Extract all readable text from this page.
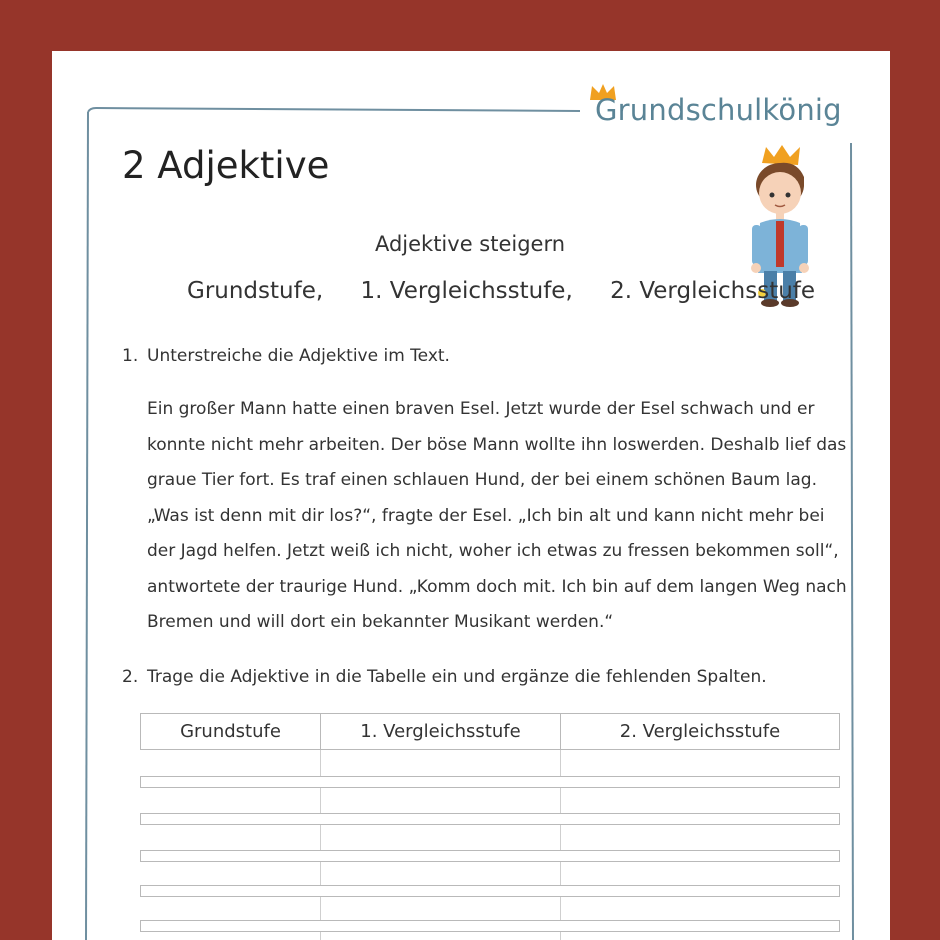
Grundschulkönig
2 Adjektive
Adjektive steigern
Grundstufe, 1. Vergleichsstufe, 2. Vergleichsstufe
1. Unterstreiche die Adjektive im Text.
Ein großer Mann hatte einen braven Esel. Jetzt wurde der Esel schwach und er
konnte nicht mehr arbeiten. Der böse Mann wollte ihn loswerden. Deshalb lief das
graue Tier fort. Es traf einen schlauen Hund, der bei einem schönen Baum lag.
„Was ist denn mit dir los?“, fragte der Esel. „Ich bin alt und kann nicht mehr bei
der Jagd helfen. Jetzt weiß ich nicht, woher ich etwas zu fressen bekommen soll“,
antwortete der traurige Hund. „Komm doch mit. Ich bin auf dem langen Weg nach
Bremen und will dort ein bekannter Musikant werden.“
2. Trage die Adjektive in die Tabelle ein und ergänze die fehlenden Spalten.
Grundstufe	1. Vergleichsstufe	2. Vergleichsstufe
